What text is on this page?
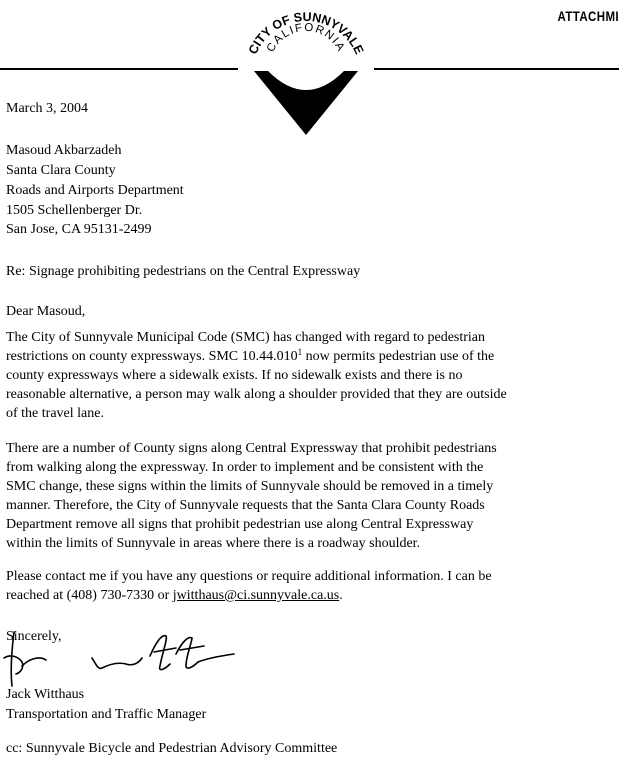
ATTACHMI
CITY OF SUNNYVALE
CALIFORNIA
March 3, 2004
Masoud Akbarzadeh
Santa Clara County
Roads and Airports Department
1505 Schellenberger Dr.
San Jose, CA 95131-2499
Re: Signage prohibiting pedestrians on the Central Expressway
Dear Masoud,
The City of Sunnyvale Municipal Code (SMC) has changed with regard to pedestrian
restrictions on county expressways. SMC 10.44.010$^1$ now permits pedestrian use of the
county expressways where a sidewalk exists. If no sidewalk exists and there is no
reasonable alternative, a person may walk along a shoulder provided that they are outside
of the travel lane.
There are a number of County signs along Central Expressway that prohibit pedestrians
from walking along the expressway. In order to implement and be consistent with the
SMC change, these signs within the limits of Sunnyvale should be removed in a timely
manner. Therefore, the City of Sunnyvale requests that the Santa Clara County Roads
Department remove all signs that prohibit pedestrian use along Central Expressway
within the limits of Sunnyvale in areas where there is a roadway shoulder.
Please contact me if you have any questions or require additional information. I can be
reached at (408) 730-7330 or jwitthaus@ci.sunnyvale.ca.us.
Sincerely,
Jack Witthaus
Transportation and Traffic Manager
cc: Sunnyvale Bicycle and Pedestrian Advisory Committee
